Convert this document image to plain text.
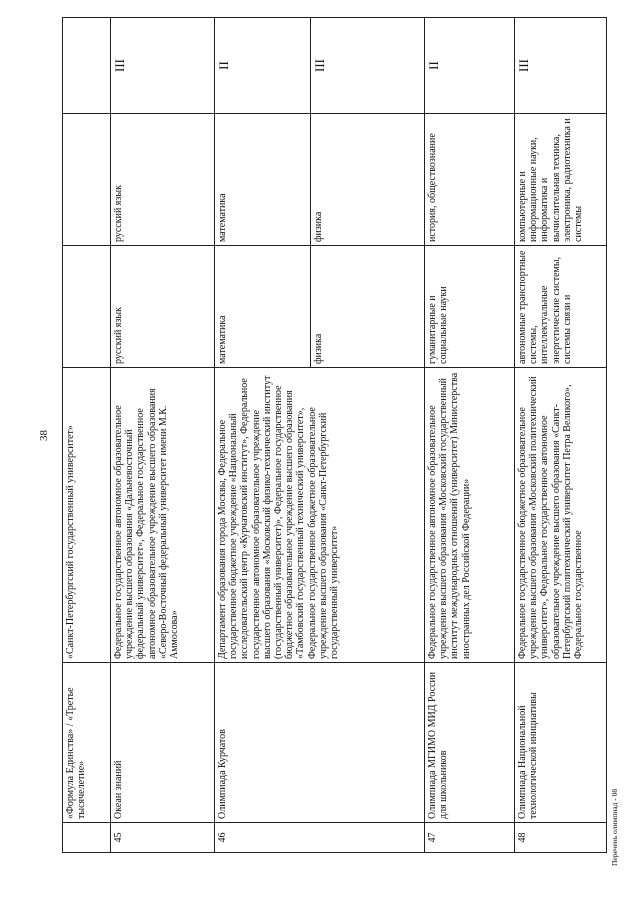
38
	«Формула Единства» / «Третье тысячелетие»	«Санкт-Петербургский государственный университет»			
45	Океан знаний	Федеральное государственное автономное образовательное учреждение высшего образования «Дальневосточный федеральный университет», Федеральное государственное автономное образовательное учреждение высшего образования «Северо-Восточный федеральный университет имени М.К. Аммосова»	русский язык	русский язык	III
46	Олимпиада Курчатов	Департамент образования города Москвы, Федеральное государственное бюджетное учреждение «Национальный исследовательский центр «Курчатовский институт», Федеральное государственное автономное образовательное учреждение высшего образования «Московский физико-технический институт (государственный университет)», Федеральное государственное бюджетное образовательное учреждение высшего образования «Тамбовский государственный технический университет», Федеральное государственное бюджетное образовательное учреждение высшего образования «Санкт-Петербургский государственный университет»	математика	математика	II
			физика	физика	III
47	Олимпиада МГИМО МИД России для школьников	Федеральное государственное автономное образовательное учреждение высшего образования «Московский государственный институт международных отношений (университет) Министерства иностранных дел Российской Федерации»	гуманитарные и социальные науки	история, обществознание	II
48	Олимпиада Национальной технологической инициативы	Федеральное государственное бюджетное образовательное учреждение высшего образования «Московский политехнический университет», Федеральное государственное автономное образовательное учреждение высшего образования «Санкт-Петербургский политехнический университет Петра Великого», Федеральное государственное	автономные транспортные системы, интеллектуальные энергетические системы, системы связи и	компьютерные и информационные науки, информатика и вычислительная техника, электроника, радиотехника и системы	III
Перечень олимпиад - 08
